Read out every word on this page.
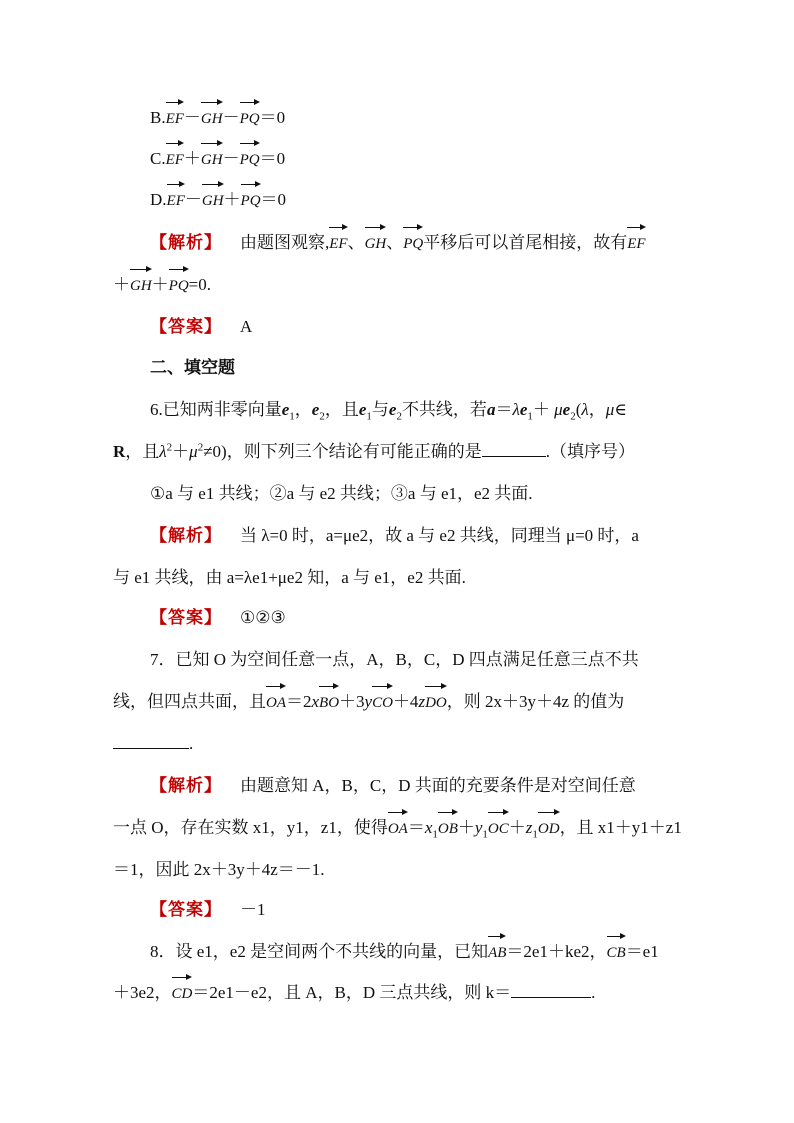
B.
EF－
GH－
PQ＝0
C.
EF＋
GH－
PQ＝0
D.
EF－
GH＋
PQ＝0
【解析】 由题图观察,
EF、
GH、
PQ平移后可以首尾相接，故有
EF
＋
GH＋
PQ=0.
【答案】 A
二、填空题
6.已知两非零向量$e_1$，$e_2$，且$e_1$与$e_2$不共线，若$a=\lambda e_1+ \mu e_2(\lambda$，μ∈
R，且$\lambda^2+\mu^2\ne 0$)，则下列三个结论有可能正确的是	.（填序号）
①a 与 e1 共线；②a 与 e2 共线；③a 与 e1，e2 共面.
【解析】 当 λ=0 时，a=μe2，故 a 与 e2 共线，同理当 μ=0 时，a
与 e1 共线，由 a=λe1+μe2 知，a 与 e1，e2 共面.
【答案】 ①②③
7．已知 O 为空间任意一点，A，B，C，D 四点满足任意三点不共
线，但四点共面，且
OA＝2x
BO＋3y
CO＋4z
DO，则 2x＋3y＋4z 的值为
.
【解析】 由题意知 A，B，C，D 共面的充要条件是对空间任意
一点 O，存在实数 x1，y1，z1，使得
$OA=x_1$
$OB+y_1$
$OC+z_1$
OD，且 x1＋y1＋z1
＝1，因此 2x＋3y＋4z＝－1.
【答案】 －1
8．设 e1，e2 是空间两个不共线的向量，已知
AB＝2e1＋ke2，
CB＝e1
＋3e2，
CD＝2e1－e2，且 A，B，D 三点共线，则 k＝	.
